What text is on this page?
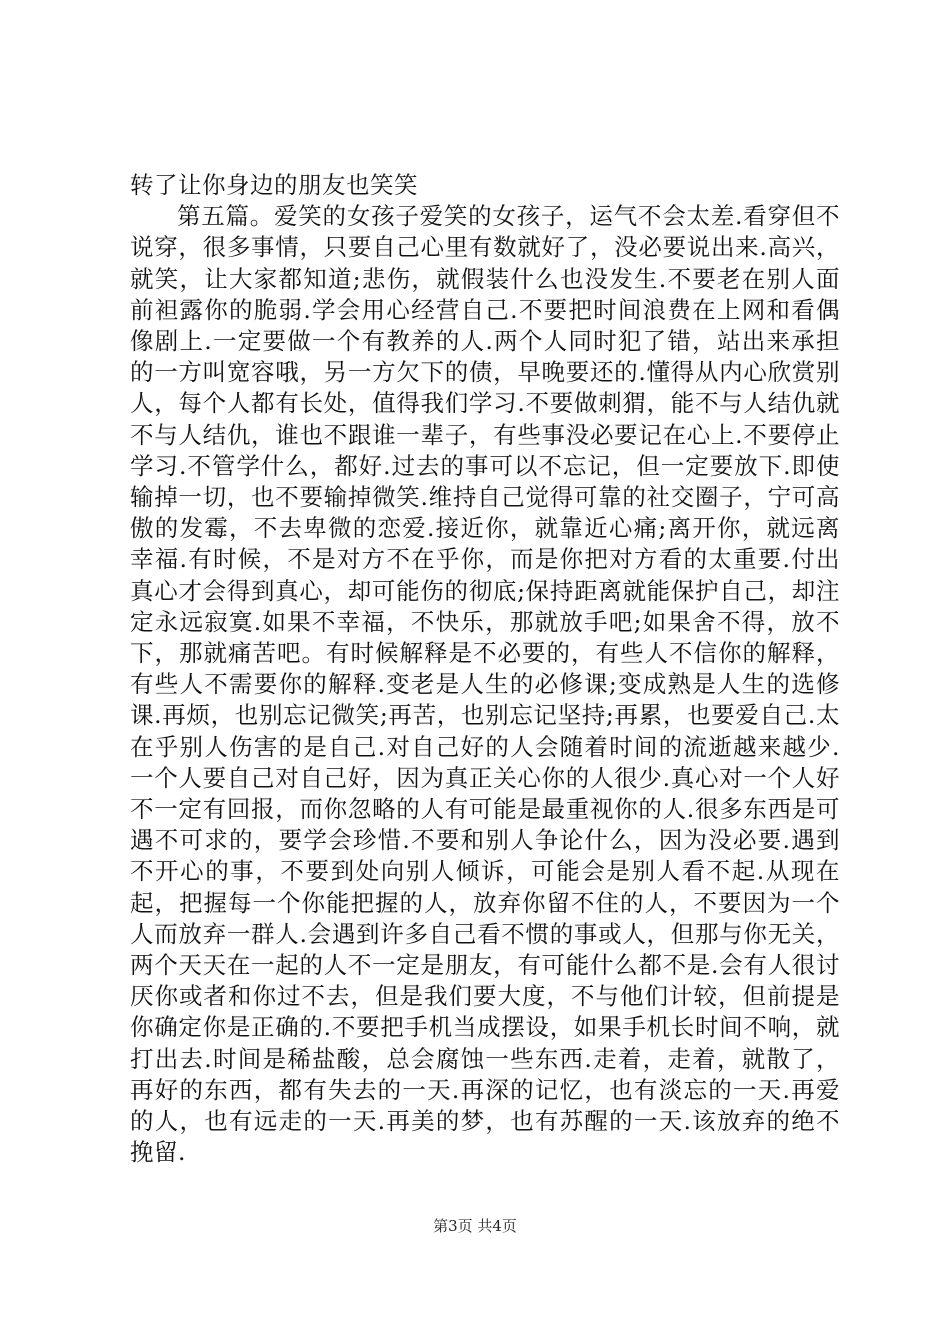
转了让你身边的朋友也笑笑

第五篇。爱笑的女孩子爱笑的女孩子，运气不会太差.看穿但不说穿，很多事情，只要自己心里有数就好了，没必要说出来.高兴，就笑，让大家都知道;悲伤，就假装什么也没发生.不要老在别人面前袒露你的脆弱.学会用心经营自己.不要把时间浪费在上网和看偶像剧上.一定要做一个有教养的人.两个人同时犯了错，站出来承担的一方叫宽容哦，另一方欠下的债，早晚要还的.懂得从内心欣赏别人，每个人都有长处，值得我们学习.不要做刺猬，能不与人结仇就不与人结仇，谁也不跟谁一辈子，有些事没必要记在心上.不要停止学习.不管学什么，都好.过去的事可以不忘记，但一定要放下.即使输掉一切，也不要输掉微笑.维持自己觉得可靠的社交圈子，宁可高傲的发霉，不去卑微的恋爱.接近你，就靠近心痛;离开你，就远离幸福.有时候，不是对方不在乎你，而是你把对方看的太重要.付出真心才会得到真心，却可能伤的彻底;保持距离就能保护自己，却注定永远寂寞.如果不幸福，不快乐，那就放手吧;如果舍不得，放不下，那就痛苦吧。有时候解释是不必要的，有些人不信你的解释，有些人不需要你的解释.变老是人生的必修课;变成熟是人生的选修课.再烦，也别忘记微笑;再苦，也别忘记坚持;再累，也要爱自己.太在乎别人伤害的是自己.对自己好的人会随着时间的流逝越来越少.一个人要自己对自己好，因为真正关心你的人很少.真心对一个人好不一定有回报，而你忽略的人有可能是最重视你的人.很多东西是可遇不可求的，要学会珍惜.不要和别人争论什么，因为没必要.遇到不开心的事，不要到处向别人倾诉，可能会是别人看不起.从现在起，把握每一个你能把握的人，放弃你留不住的人，不要因为一个人而放弃一群人.会遇到许多自己看不惯的事或人，但那与你无关，两个天天在一起的人不一定是朋友，有可能什么都不是.会有人很讨厌你或者和你过不去，但是我们要大度，不与他们计较，但前提是你确定你是正确的.不要把手机当成摆设，如果手机长时间不响，就打出去.时间是稀盐酸，总会腐蚀一些东西.走着，走着，就散了，再好的东西，都有失去的一天.再深的记忆，也有淡忘的一天.再爱的人，也有远走的一天.再美的梦，也有苏醒的一天.该放弃的绝不挽留.

第3页 共4页
